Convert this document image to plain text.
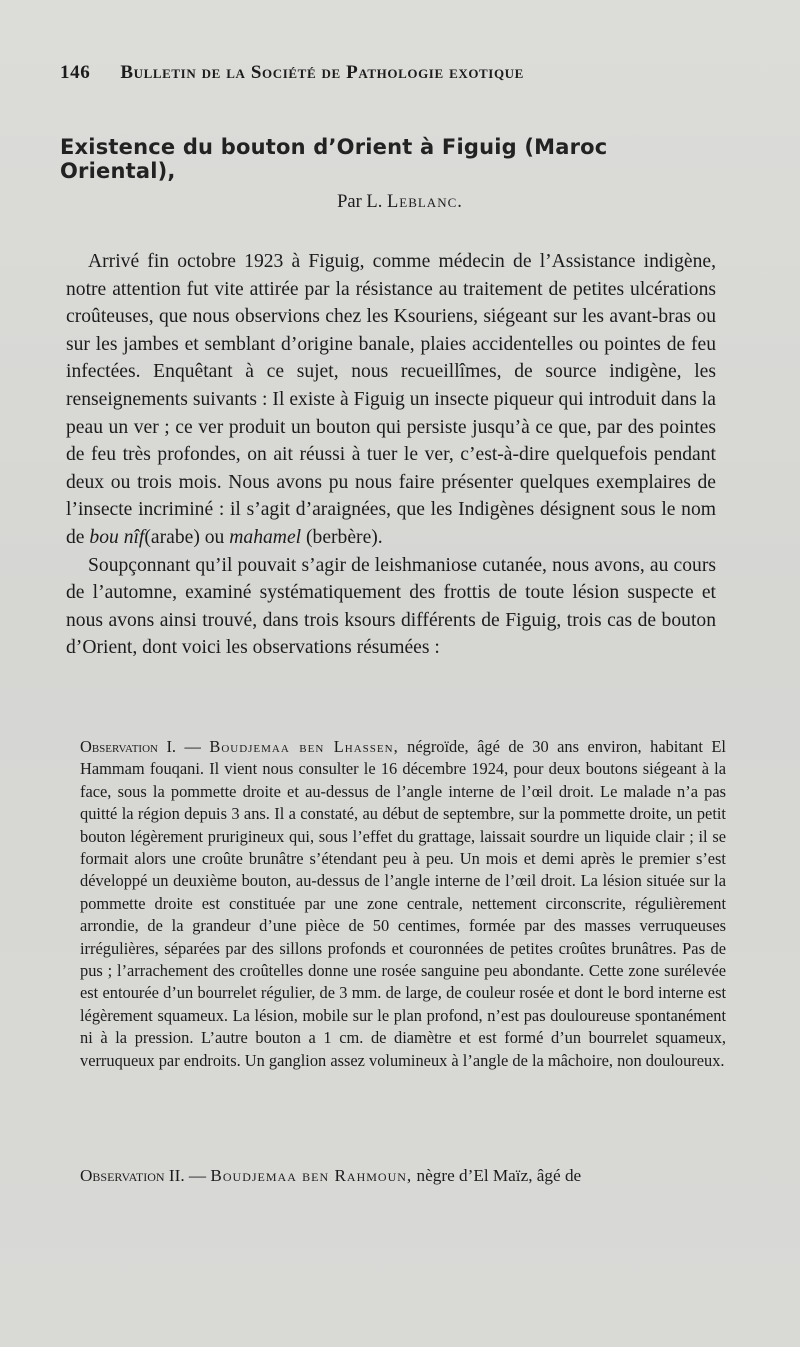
146 Bulletin de la Société de Pathologie exotique
Existence du bouton d’Orient à Figuig (Maroc Oriental),
Par L. Leblanc.

Arrivé fin octobre 1923 à Figuig, comme médecin de l’Assistance indigène, notre attention fut vite attirée par la résistance au traitement de petites ulcérations croûteuses, que nous observions chez les Ksouriens, siégeant sur les avant-bras ou sur les jambes et semblant d’origine banale, plaies accidentelles ou pointes de feu infectées. Enquêtant à ce sujet, nous recueillîmes, de source indigène, les renseignements suivants : Il existe à Figuig un insecte piqueur qui introduit dans la peau un ver ; ce ver produit un bouton qui persiste jusqu’à ce que, par des pointes de feu très profondes, on ait réussi à tuer le ver, c’est-à-dire quelquefois pendant deux ou trois mois. Nous avons pu nous faire présenter quelques exemplaires de l’insecte incriminé : il s’agit d’araignées, que les Indigènes désignent sous le nom de bou nîf(arabe) ou mahamel (berbère).

Soupçonnant qu’il pouvait s’agir de leishmaniose cutanée, nous avons, au cours de l’automne, examiné systématiquement des frottis de toute lésion suspecte et nous avons ainsi trouvé, dans trois ksours différents de Figuig, trois cas de bouton d’Orient, dont voici les observations résumées :

Observation I. — Boudjemaa ben Lhassen, négroïde, âgé de 30 ans environ, habitant El Hammam fouqani. Il vient nous consulter le 16 décembre 1924, pour deux boutons siégeant à la face, sous la pommette droite et au-dessus de l’angle interne de l’œil droit. Le malade n’a pas quitté la région depuis 3 ans. Il a constaté, au début de septembre, sur la pommette droite, un petit bouton légèrement prurigineux qui, sous l’effet du grattage, laissait sourdre un liquide clair ; il se formait alors une croûte brunâtre s’étendant peu à peu. Un mois et demi après le premier s’est développé un deuxième bouton, au-dessus de l’angle interne de l’œil droit. La lésion située sur la pommette droite est constituée par une zone centrale, nettement circonscrite, régulièrement arrondie, de la grandeur d’une pièce de 50 centimes, formée par des masses verruqueuses irrégulières, séparées par des sillons profonds et couronnées de petites croûtes brunâtres. Pas de pus ; l’arrachement des croûtelles donne une rosée sanguine peu abondante. Cette zone surélevée est entourée d’un bourrelet régulier, de 3 mm. de large, de couleur rosée et dont le bord interne est légèrement squameux. La lésion, mobile sur le plan profond, n’est pas douloureuse spontanément ni à la pression. L’autre bouton a 1 cm. de diamètre et est formé d’un bourrelet squameux, verruqueux par endroits. Un ganglion assez volumineux à l’angle de la mâchoire, non douloureux.

Observation II. — Boudjemaa ben Rahmoun, nègre d’El Maïz, âgé de
